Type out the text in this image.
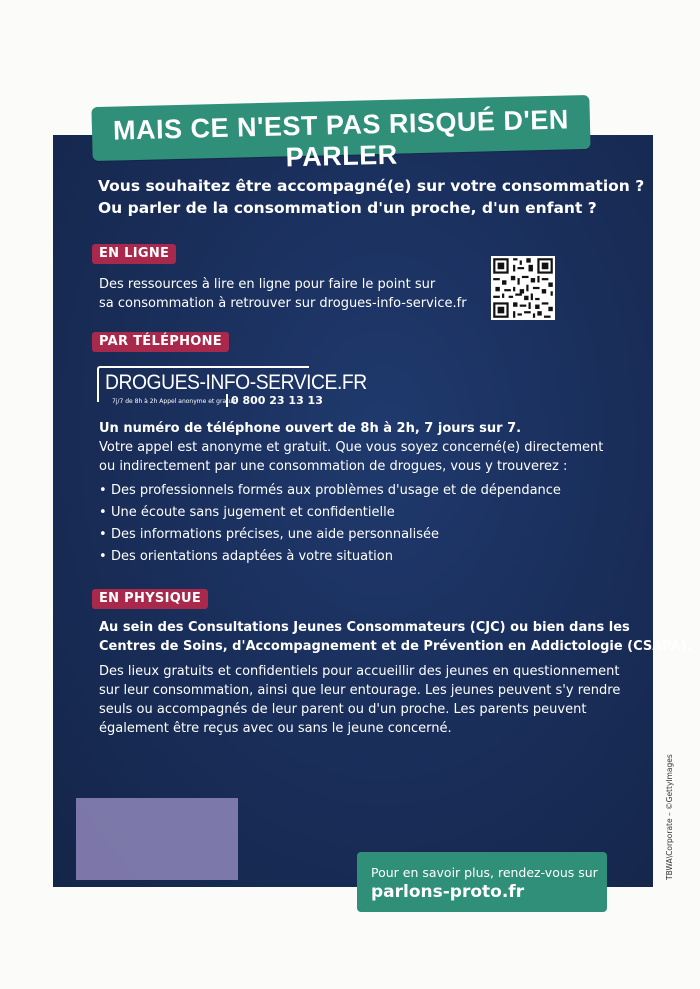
MAIS CE N'EST PAS RISQUÉ D'EN PARLER
Vous souhaitez être accompagné(e) sur votre consommation ?
Ou parler de la consommation d'un proche, d'un enfant ?
EN LIGNE
Des ressources à lire en ligne pour faire le point sur
sa consommation à retrouver sur drogues-info-service.fr
PAR TÉLÉPHONE
DROGUES-INFO-SERVICE.FR
7j/7 de 8h à 2h Appel anonyme et gratuit
0 800 23 13 13
Un numéro de téléphone ouvert de 8h à 2h, 7 jours sur 7.
Votre appel est anonyme et gratuit. Que vous soyez concerné(e) directement
ou indirectement par une consommation de drogues, vous y trouverez :
• Des professionnels formés aux problèmes d'usage et de dépendance
• Une écoute sans jugement et confidentielle
• Des informations précises, une aide personnalisée
• Des orientations adaptées à votre situation
EN PHYSIQUE
Au sein des Consultations Jeunes Consommateurs (CJC) ou bien dans les
Centres de Soins, d'Accompagnement et de Prévention en Addictologie (CSAPA).
Des lieux gratuits et confidentiels pour accueillir des jeunes en questionnement
sur leur consommation, ainsi que leur entourage. Les jeunes peuvent s'y rendre
seuls ou accompagnés de leur parent ou d'un proche. Les parents peuvent
également être reçus avec ou sans le jeune concerné.
Pour en savoir plus, rendez-vous sur
parlons-proto.fr
TBWA\Corporate – ©GettyImages
